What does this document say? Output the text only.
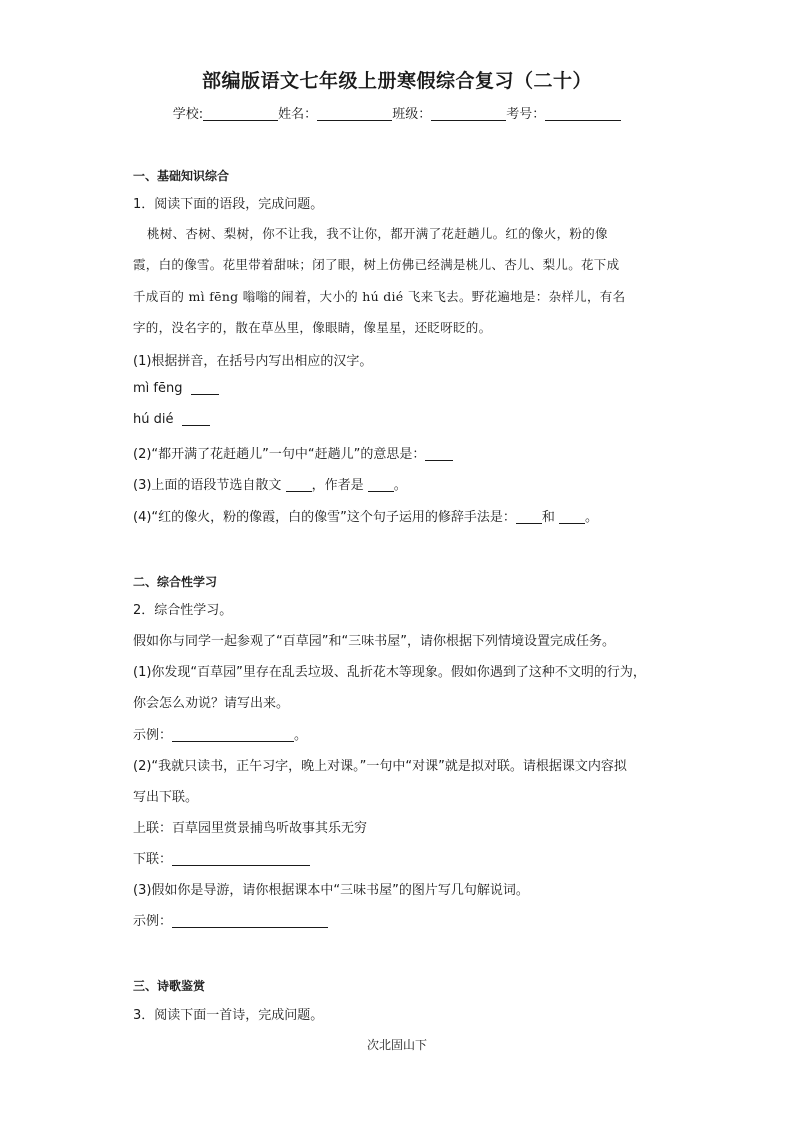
部编版语文七年级上册寒假综合复习（二十）
学校:	姓名：	班级：	考号：
一、基础知识综合
1．阅读下面的语段，完成问题。
桃树、杏树、梨树，你不让我，我不让你，都开满了花赶趟儿。红的像火，粉的像
霞，白的像雪。花里带着甜味；闭了眼，树上仿佛已经满是桃儿、杏儿、梨儿。花下成
千成百的 mì fēng 嗡嗡的闹着，大小的 hú dié 飞来飞去。野花遍地是：杂样儿，有名
字的，没名字的，散在草丛里，像眼睛，像星星，还眨呀眨的。
(1)根据拼音，在括号内写出相应的汉字。
mì fēng
hú dié
(2)“都开满了花赶趟儿”一句中“赶趟儿”的意思是：
(3)上面的语段节选自散文 ，作者是 。
(4)“红的像火，粉的像霞，白的像雪”这个句子运用的修辞手法是： 和 。
二、综合性学习
2．综合性学习。
假如你与同学一起参观了“百草园”和“三味书屋”，请你根据下列情境设置完成任务。
(1)你发现“百草园”里存在乱丢垃圾、乱折花木等现象。假如你遇到了这种不文明的行为，
你会怎么劝说？请写出来。
示例：	。
(2)“我就只读书，正午习字，晚上对课。”一句中“对课”就是拟对联。请根据课文内容拟
写出下联。
上联：百草园里赏景捕鸟听故事其乐无穷
下联：
(3)假如你是导游，请你根据课本中“三味书屋”的图片写几句解说词。
示例：
三、诗歌鉴赏
3．阅读下面一首诗，完成问题。
次北固山下
